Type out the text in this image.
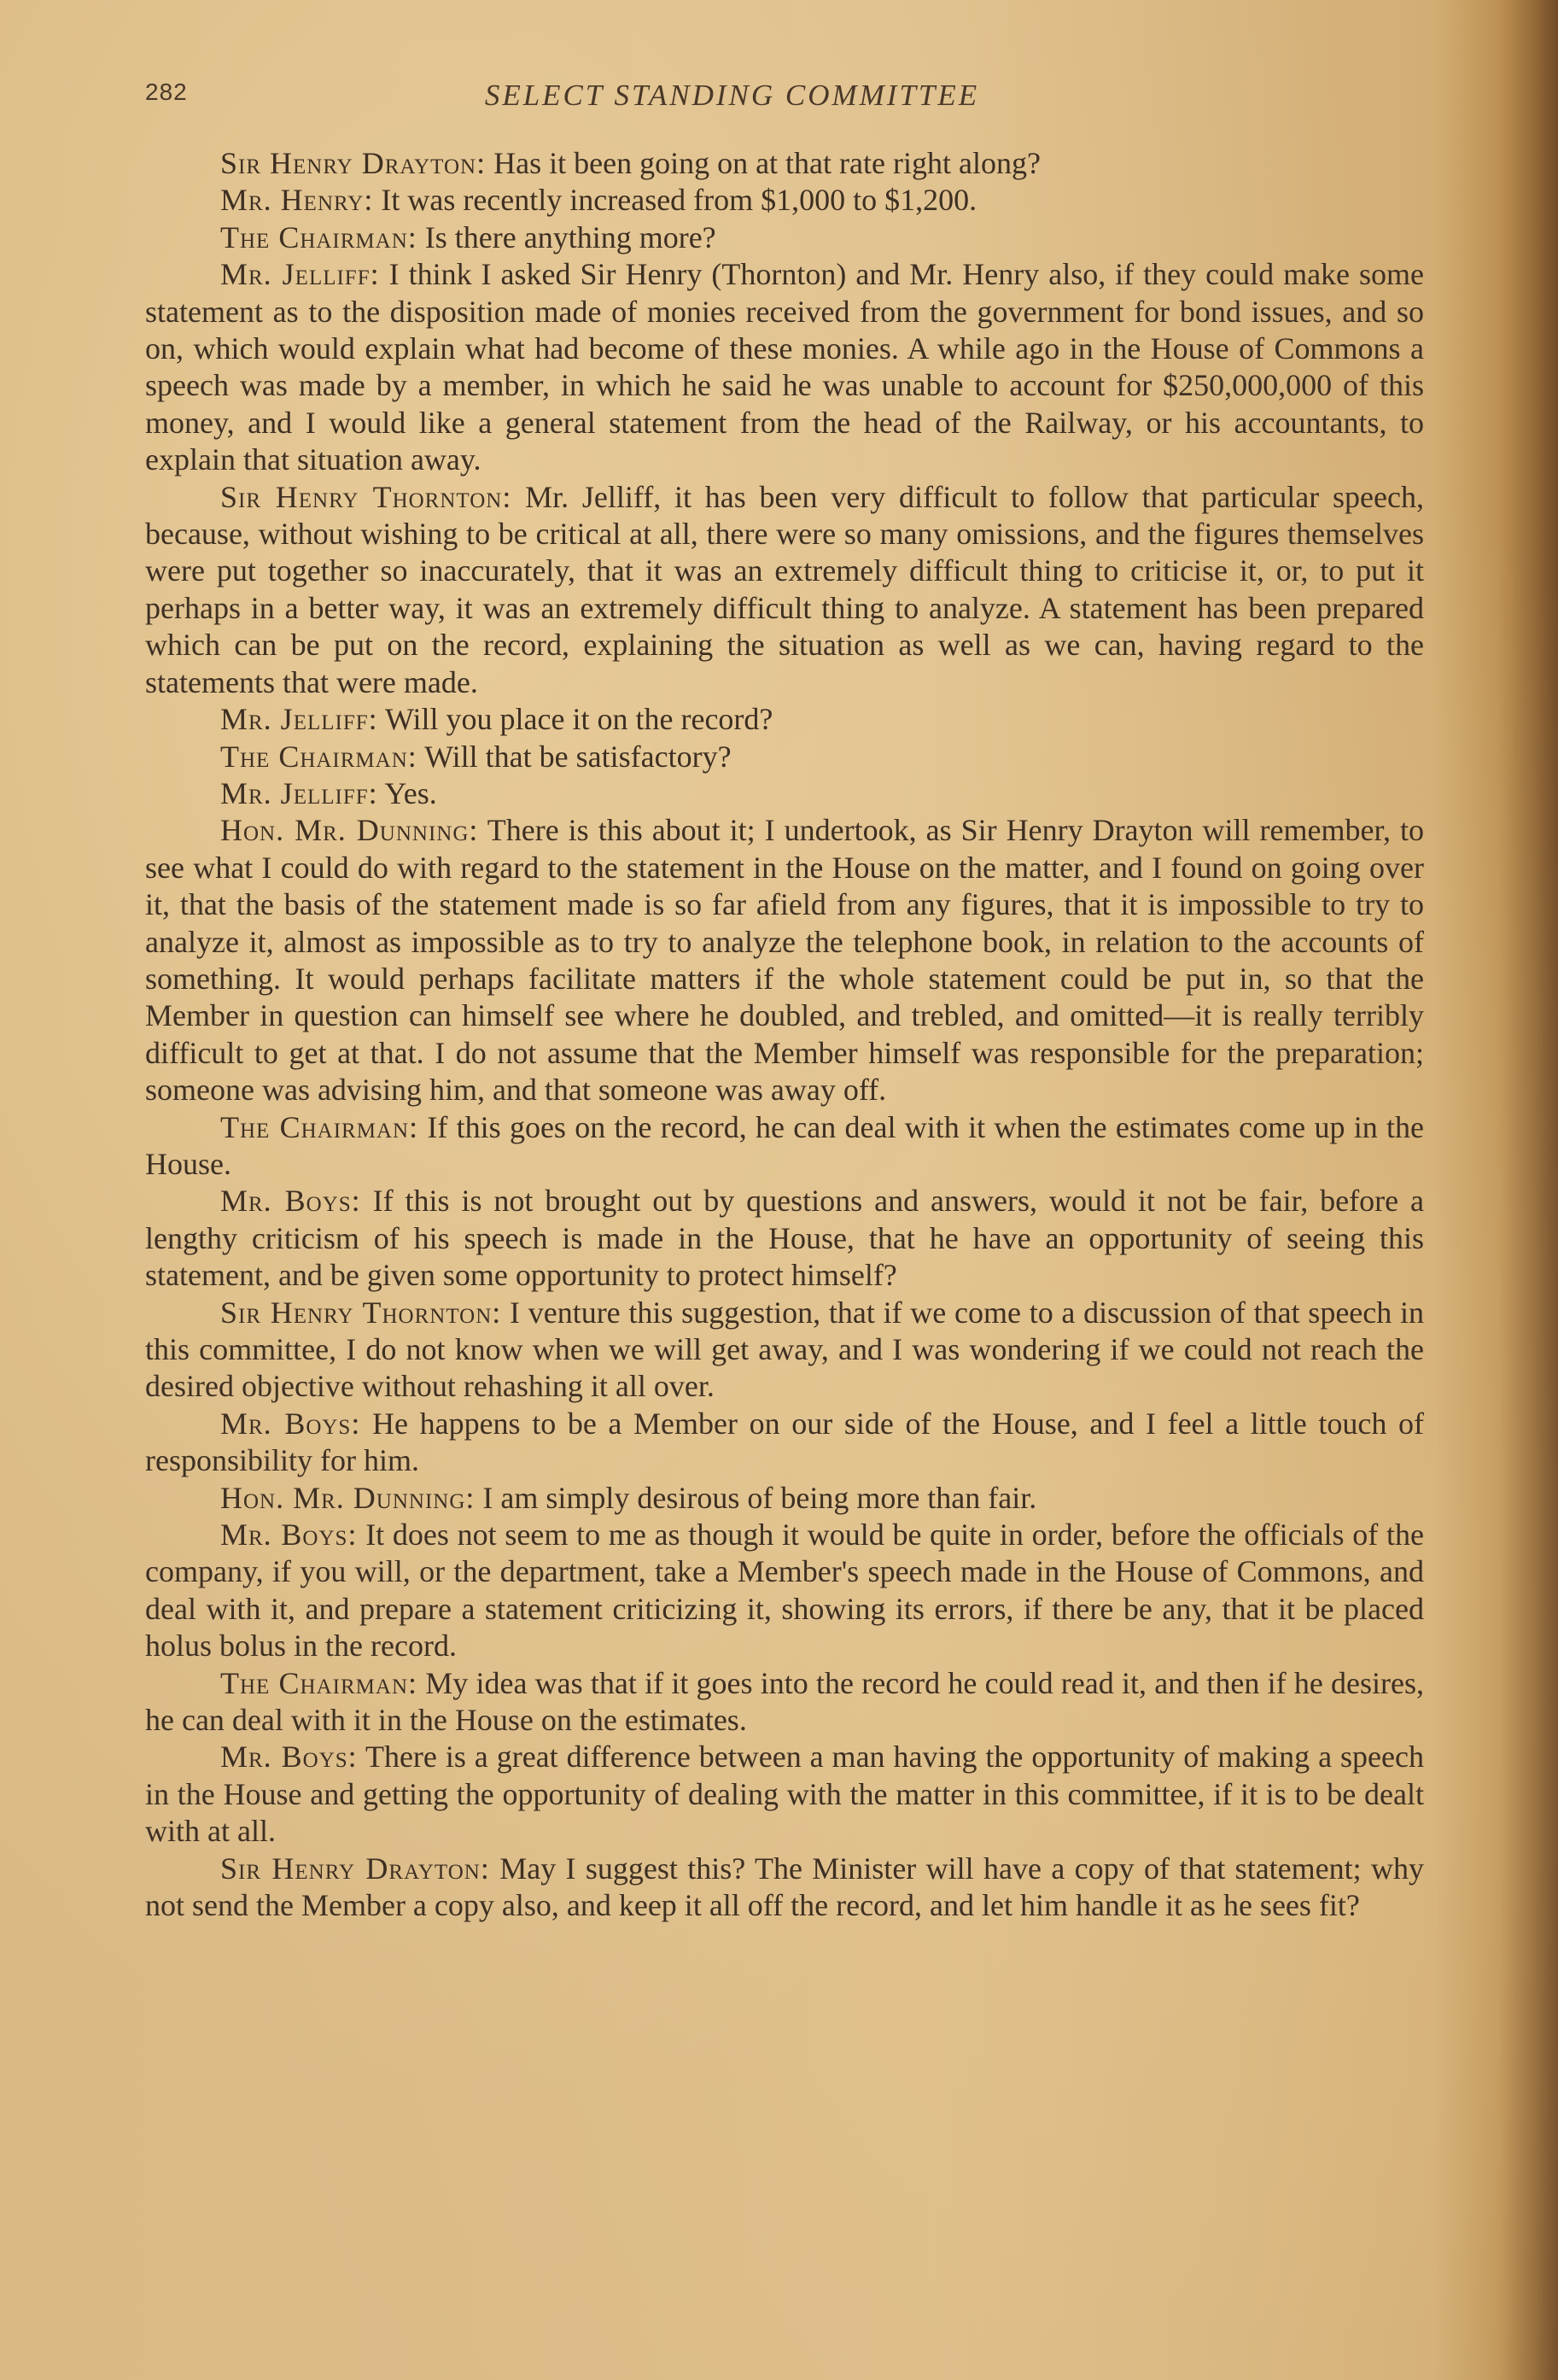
282	SELECT STANDING COMMITTEE

Sir Henry Drayton: Has it been going on at that rate right along?

Mr. Henry: It was recently increased from $1,000 to $1,200.

The Chairman: Is there anything more?

Mr. Jelliff: I think I asked Sir Henry (Thornton) and Mr. Henry also, if they could make some statement as to the disposition made of monies received from the government for bond issues, and so on, which would explain what had become of these monies. A while ago in the House of Commons a speech was made by a member, in which he said he was unable to account for $250,000,000 of this money, and I would like a general statement from the head of the Railway, or his accountants, to explain that situation away.

Sir Henry Thornton: Mr. Jelliff, it has been very difficult to follow that particular speech, because, without wishing to be critical at all, there were so many omissions, and the figures themselves were put together so inaccurately, that it was an extremely difficult thing to criticise it, or, to put it perhaps in a better way, it was an extremely difficult thing to analyze. A statement has been prepared which can be put on the record, explaining the situation as well as we can, having regard to the statements that were made.

Mr. Jelliff: Will you place it on the record?

The Chairman: Will that be satisfactory?

Mr. Jelliff: Yes.

Hon. Mr. Dunning: There is this about it; I undertook, as Sir Henry Drayton will remember, to see what I could do with regard to the statement in the House on the matter, and I found on going over it, that the basis of the statement made is so far afield from any figures, that it is impossible to try to analyze it, almost as impossible as to try to analyze the telephone book, in relation to the accounts of something. It would perhaps facilitate matters if the whole statement could be put in, so that the Member in question can himself see where he doubled, and trebled, and omitted—it is really terribly difficult to get at that. I do not assume that the Member himself was responsible for the preparation; someone was advising him, and that someone was away off.

The Chairman: If this goes on the record, he can deal with it when the estimates come up in the House.

Mr. Boys: If this is not brought out by questions and answers, would it not be fair, before a lengthy criticism of his speech is made in the House, that he have an opportunity of seeing this statement, and be given some opportunity to protect himself?

Sir Henry Thornton: I venture this suggestion, that if we come to a discussion of that speech in this committee, I do not know when we will get away, and I was wondering if we could not reach the desired objective without rehashing it all over.

Mr. Boys: He happens to be a Member on our side of the House, and I feel a little touch of responsibility for him.

Hon. Mr. Dunning: I am simply desirous of being more than fair.

Mr. Boys: It does not seem to me as though it would be quite in order, before the officials of the company, if you will, or the department, take a Member's speech made in the House of Commons, and deal with it, and prepare a statement criticizing it, showing its errors, if there be any, that it be placed holus bolus in the record.

The Chairman: My idea was that if it goes into the record he could read it, and then if he desires, he can deal with it in the House on the estimates.

Mr. Boys: There is a great difference between a man having the opportunity of making a speech in the House and getting the opportunity of dealing with the matter in this committee, if it is to be dealt with at all.

Sir Henry Drayton: May I suggest this? The Minister will have a copy of that statement; why not send the Member a copy also, and keep it all off the record, and let him handle it as he sees fit?
